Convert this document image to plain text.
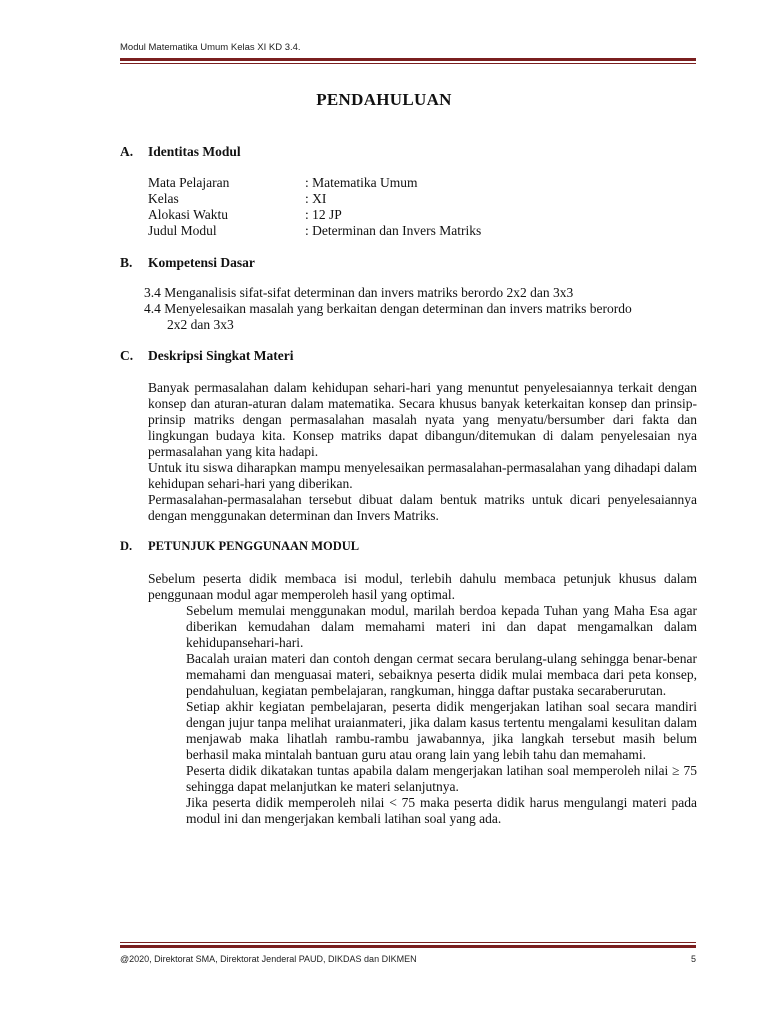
Modul Matematika Umum Kelas XI KD 3.4.
PENDAHULUAN
A. Identitas Modul
Mata Pelajaran	: Matematika Umum
Kelas	: XI
Alokasi Waktu	: 12 JP
Judul Modul	: Determinan dan Invers Matriks
B. Kompetensi Dasar
3.4 Menganalisis sifat-sifat determinan dan invers matriks berordo 2x2 dan 3x3
4.4 Menyelesaikan masalah yang berkaitan dengan determinan dan invers matriks berordo
2x2 dan 3x3
C. Deskripsi Singkat Materi

Banyak permasalahan dalam kehidupan sehari-hari yang menuntut penyelesaiannya terkait dengan konsep dan aturan-aturan dalam matematika. Secara khusus banyak keterkaitan konsep dan prinsip-prinsip matriks dengan permasalahan masalah nyata yang menyatu/bersumber dari fakta dan lingkungan budaya kita. Konsep matriks dapat dibangun/ditemukan di dalam penyelesaian nya permasalahan yang kita hadapi.

Untuk itu siswa diharapkan mampu menyelesaikan permasalahan-permasalahan yang dihadapi dalam kehidupan sehari-hari yang diberikan.

Permasalahan-permasalahan tersebut dibuat dalam bentuk matriks untuk dicari penyelesaiannya dengan menggunakan determinan dan Invers Matriks.

D. PETUNJUK PENGGUNAAN MODUL
Sebelum peserta didik membaca isi modul, terlebih dahulu membaca petunjuk khusus dalam penggunaan modul agar memperoleh hasil yang optimal.

Sebelum memulai menggunakan modul, marilah berdoa kepada Tuhan yang Maha Esa agar diberikan kemudahan dalam memahami materi ini dan dapat mengamalkan dalam kehidupansehari-hari.

Bacalah uraian materi dan contoh dengan cermat secara berulang-ulang sehingga benar-benar memahami dan menguasai materi, sebaiknya peserta didik mulai membaca dari peta konsep, pendahuluan, kegiatan pembelajaran, rangkuman, hingga daftar pustaka secaraberurutan.

Setiap akhir kegiatan pembelajaran, peserta didik mengerjakan latihan soal secara mandiri dengan jujur tanpa melihat uraianmateri, jika dalam kasus tertentu mengalami kesulitan dalam menjawab maka lihatlah rambu-rambu jawabannya, jika langkah tersebut masih belum berhasil maka mintalah bantuan guru atau orang lain yang lebih tahu dan memahami.

Peserta didik dikatakan tuntas apabila dalam mengerjakan latihan soal memperoleh nilai ≥ 75 sehingga dapat melanjutkan ke materi selanjutnya.

Jika peserta didik memperoleh nilai < 75 maka peserta didik harus mengulangi materi pada modul ini dan mengerjakan kembali latihan soal yang ada.

@2020, Direktorat SMA, Direktorat Jenderal PAUD, DIKDAS dan DIKMEN	5
